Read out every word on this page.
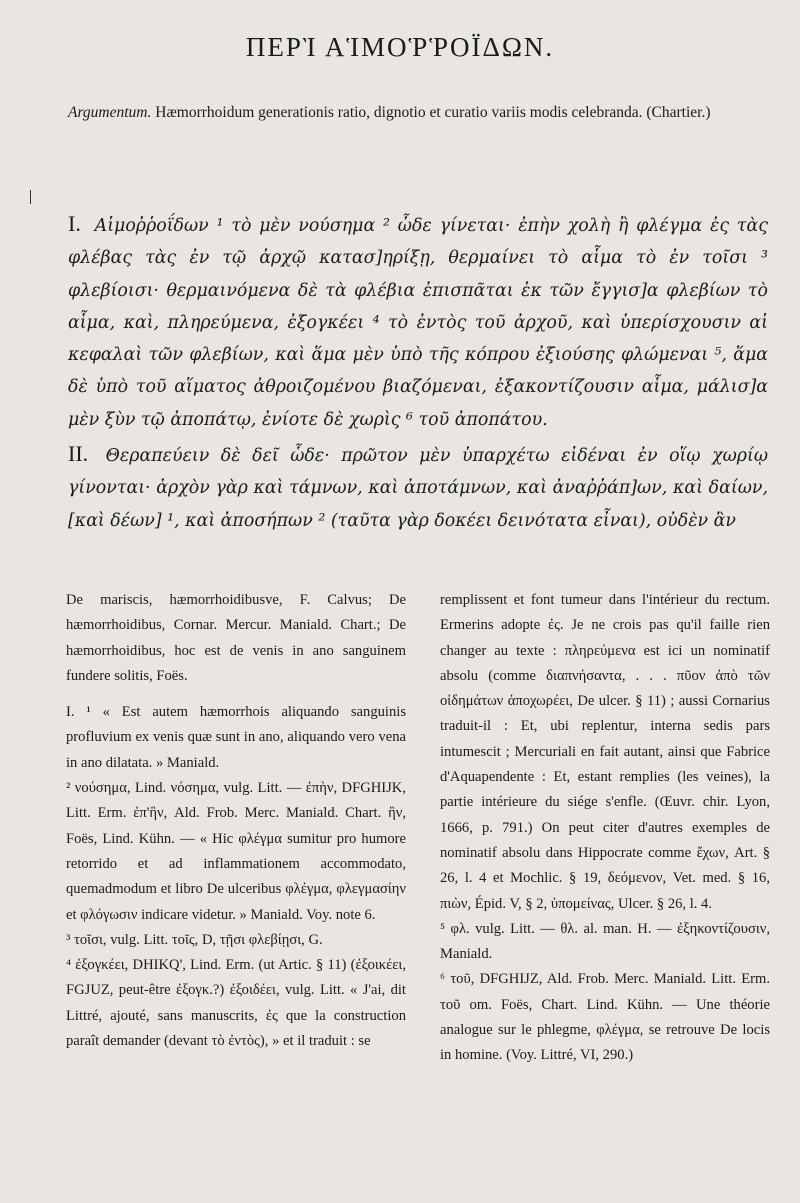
ΠΕΡῚ ΑἹΜΟῬῬΟΪΔΩΝ.
Argumentum. Hæmorrhoidum generationis ratio, dignotio et curatio variis modis celebranda. (Chartier.)
I. Αἱμοῤῥοΐδων ¹ τὸ μὲν νούσημα ² ὧδε γίνεται· ἐπὴν χολὴ ἢ φλέγμα ἐς τὰς φλέβας τὰς ἐν τῷ ἀρχῷ κατασ]ηρίξῃ, θερμαίνει τὸ αἷμα τὸ ἐν τοῖσι ³ φλεβίοισι· θερμαινόμενα δὲ τὰ φλέβια ἐπισπᾶται ἐκ τῶν ἔγγισ]α φλεβίων τὸ αἷμα, καὶ, πληρεύμενα, ἐξογκέει ⁴ τὸ ἐντὸς τοῦ ἀρχοῦ, καὶ ὑπερίσχουσιν αἱ κεφαλαὶ τῶν φλεβίων, καὶ ἅμα μὲν ὑπὸ τῆς κόπρου ἐξιούσης φλώμεναι ⁵, ἅμα δὲ ὑπὸ τοῦ αἵματος ἀθροιζομένου βιαζόμεναι, ἐξακοντίζουσιν αἷμα, μάλισ]α μὲν ξὺν τῷ ἀποπάτῳ, ἐνίοτε δὲ χωρὶς ⁶ τοῦ ἀποπάτου.
II. Θεραπεύειν δὲ δεῖ ὧδε· πρῶτον μὲν ὑπαρχέτω εἰδέναι ἐν οἵῳ χωρίῳ γίνονται· ἀρχὸν γὰρ καὶ τάμνων, καὶ ἀποτάμνων, καὶ ἀναῤῥάπ]ων, καὶ δαίων, [καὶ δέων] ¹, καὶ ἀποσήπων ² (ταῦτα γὰρ δοκέει δεινότατα εἶναι), οὐδὲν ἂν

De mariscis, hæmorrhoidibusve, F. Calvus; De hæmorrhoidibus, Cornar. Mercur. Maniald. Chart.; De hæmorrhoidibus, hoc est de venis in ano sanguinem fundere solitis, Foës.

I. ¹ « Est autem hæmorrhois aliquando sanguinis profluvium ex venis quæ sunt in ano, aliquando vero vena in ano dilatata. » Maniald.

² νούσημα, Lind. νόσημα, vulg. Litt. — ἐπὴν, DFGHIJK, Litt. Erm. ἐπ'ἣν, Ald. Frob. Merc. Maniald. Chart. ἣν, Foës, Lind. Kühn. — « Hic φλέγμα sumitur pro humore retorrido et ad inflammationem accommodato, quemadmodum et libro De ulceribus φλέγμα, φλεγμασίην et φλόγωσιν indicare videtur. » Maniald. Voy. note 6.

³ τοῖσι, vulg. Litt. τοῖς, D, τῇσι φλεβίῃσι, G.

⁴ ἐξογκέει, DHIKQ', Lind. Erm. (ut Artic. § 11) (ἐξοικέει, FGJUZ, peut-être ἐξογκ.?) ἐξοιδέει, vulg. Litt. « J'ai, dit Littré, ajouté, sans manuscrits, ἐς que la construction paraît demander (devant τὸ ἐντὸς), » et il traduit : se

remplissent et font tumeur dans l'intérieur du rectum. Ermerins adopte ἐς. Je ne crois pas qu'il faille rien changer au texte : πληρεύμενα est ici un nominatif absolu (comme διαπνήσαντα, . . . πῦον ἀπὸ τῶν οἰδημάτων ἀποχωρέει, De ulcer. § 11) ; aussi Cornarius traduit-il : Et, ubi replentur, interna sedis pars intumescit ; Mercuriali en fait autant, ainsi que Fabrice d'Aquapendente : Et, estant remplies (les veines), la partie intérieure du siége s'enfle. (Œuvr. chir. Lyon, 1666, p. 791.) On peut citer d'autres exemples de nominatif absolu dans Hippocrate comme ἔχων, Art. § 26, l. 4 et Mochlic. § 19, δεόμενον, Vet. med. § 16, πιὼν, Épid. V, § 2, ὑπομείνας, Ulcer. § 26, l. 4.

⁵ φλ. vulg. Litt. — θλ. al. man. H. — ἐξηκοντίζουσιν, Maniald.

⁶ τοῦ, DFGHIJZ, Ald. Frob. Merc. Maniald. Litt. Erm. τοῦ om. Foës, Chart. Lind. Kühn. — Une théorie analogue sur le phlegme, φλέγμα, se retrouve De locis in homine. (Voy. Littré, VI, 290.)
